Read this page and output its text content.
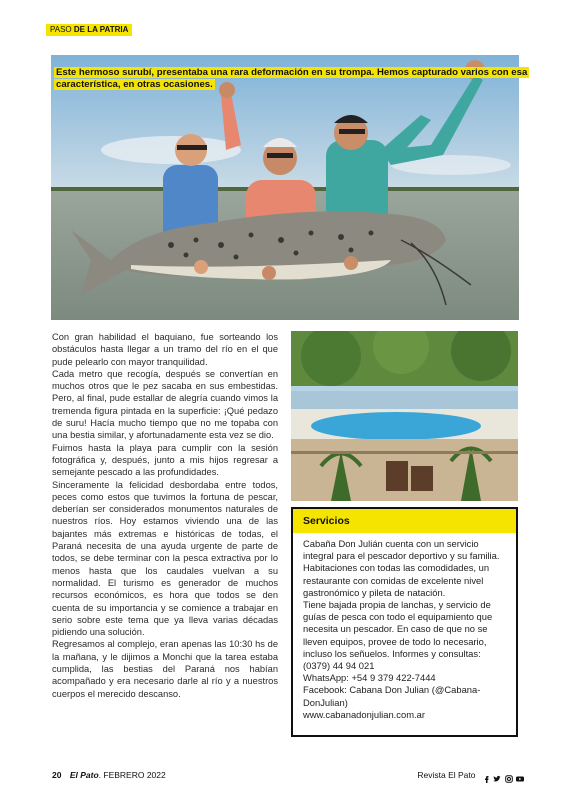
PASO DE LA PATRIA
Este hermoso surubí, presentaba una rara deformación en su trompa. Hemos capturado varios con esa característica, en otras ocasiones.

Con gran habilidad el baquiano, fue sorteando los obstáculos hasta llegar a un tramo del río en el que pude pelearlo con mayor tranquilidad.

Cada metro que recogía, después se convertían en muchos otros que le pez sacaba en sus embestidas. Pero, al final, pude estallar de alegría cuando vimos la tremenda figura pintada en la superficie: ¡Qué pedazo de suru! Hacía mucho tiempo que no me topaba con una bestia similar, y afortunadamente esta vez se dio.

Fuimos hasta la playa para cumplir con la sesión fotográfica y, después, junto a mis hijos regresar a semejante pescado a las profundidades.

Sinceramente la felicidad desbordaba entre todos, peces como estos que tuvimos la fortuna de pescar, deberían ser considerados monumentos naturales de nuestros ríos. Hoy estamos viviendo una de las bajantes más extremas e históricas de todas, el Paraná necesita de una ayuda urgente de parte de todos, se debe terminar con la pesca extractiva por lo menos hasta que los caudales vuelvan a su normalidad. El turismo es generador de muchos recursos económicos, es hora que todos se den cuenta de su importancia y se comience a trabajar en serio sobre este tema que ya lleva varias décadas pidiendo una solución.

Regresamos al complejo, eran apenas las 10:30 hs de la mañana, y le dijimos a Monchi que la tarea estaba cumplida, las bestias del Paraná nos habían acompañado y era necesario darle al río y a nuestros cuerpos el merecido descanso.

Servicios

Cabaña Don Julián cuenta con un servicio integral para el pescador deportivo y su familia. Habitaciones con todas las comodidades, un restaurante con comidas de excelente nivel gastronómico y pileta de natación.

Tiene bajada propia de lanchas, y servicio de guías de pesca con todo el equipamiento que necesita un pescador. En caso de que no se lleven equipos, provee de todo lo necesario, incluso los señuelos. Informes y consultas:

(0379) 44 94 021

WhatsApp: +54 9 379 422-7444

Facebook: Cabana Don Julian (@Cabana-DonJulian)

www.cabanadonjulian.com.ar

20 El Pato. FEBRERO 2022	Revista El Pato
